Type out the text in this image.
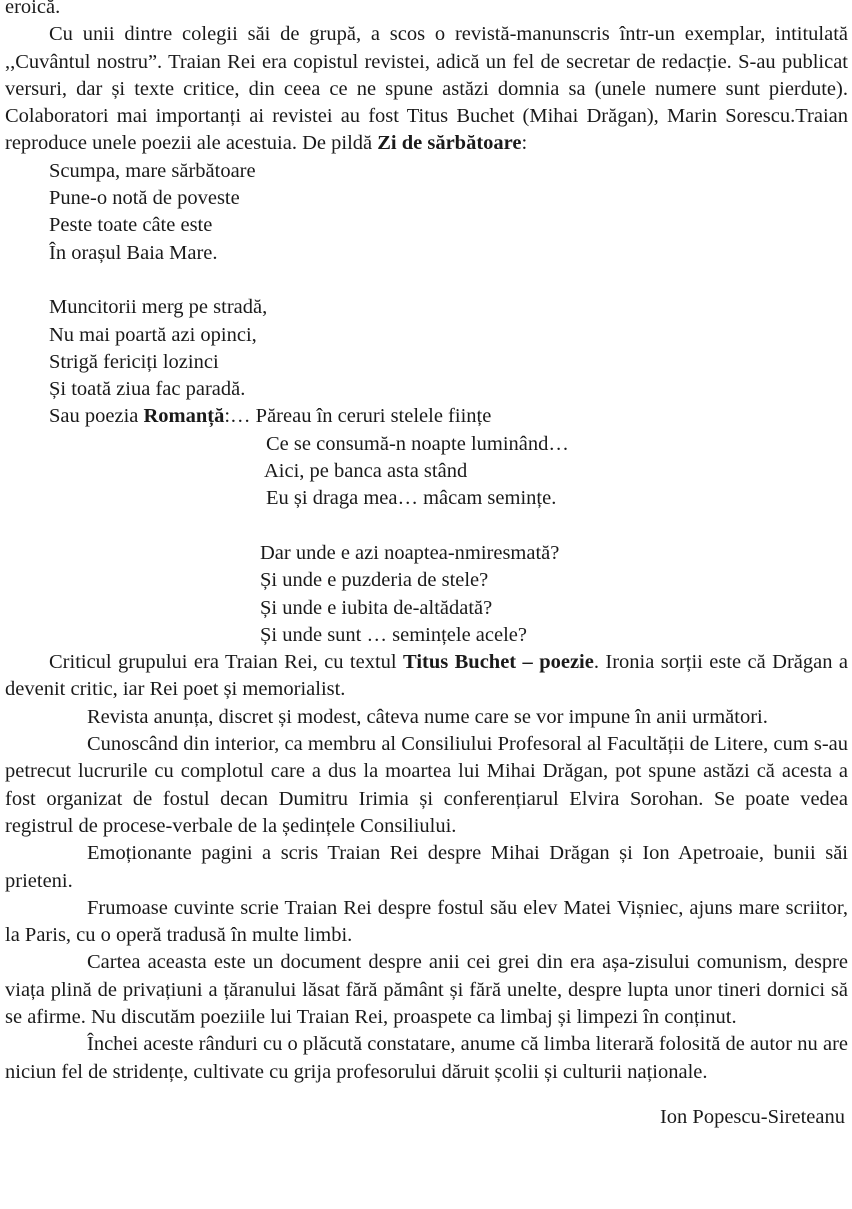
eroică.

Cu unii dintre colegii săi de grupă, a scos o revistă-manunscris într-un exemplar, intitulată ,,Cuvântul nostru”. Traian Rei era copistul revistei, adică un fel de secretar de redacție. S-au publicat versuri, dar și texte critice, din ceea ce ne spune astăzi domnia sa (unele numere sunt pierdute). Colaboratori mai importanți ai revistei au fost Titus Buchet (Mihai Drăgan), Marin Sorescu.Traian reproduce unele poezii ale acestuia. De pildă Zi de sărbătoare:

Scumpa, mare sărbătoare
Pune-o notă de poveste
Peste toate câte este
În orașul Baia Mare.
Muncitorii merg pe stradă,
Nu mai poartă azi opinci,
Strigă fericiți lozinci
Și toată ziua fac paradă.
Sau poezia Romanță:… Păreau în ceruri stelele ființe
Ce se consumă-n noapte luminând…
Aici, pe banca asta stând
Eu și draga mea… mâcam semințe.
Dar unde e azi noaptea-nmiresmată?
Și unde e puzderia de stele?
Și unde e iubita de-altădată?
Și unde sunt … semințele acele?

Criticul grupului era Traian Rei, cu textul Titus Buchet – poezie. Ironia sorții este că Drăgan a devenit critic, iar Rei poet și memorialist.

Revista anunța, discret și modest, câteva nume care se vor impune în anii următori.

Cunoscând din interior, ca membru al Consiliului Profesoral al Facultății de Litere, cum s-au petrecut lucrurile cu complotul care a dus la moartea lui Mihai Drăgan, pot spune astăzi că acesta a fost organizat de fostul decan Dumitru Irimia și conferențiarul Elvira Sorohan. Se poate vedea registrul de procese-verbale de la ședințele Consiliului.

Emoționante pagini a scris Traian Rei despre Mihai Drăgan și Ion Apetroaie, bunii săi prieteni.

Frumoase cuvinte scrie Traian Rei despre fostul său elev Matei Vișniec, ajuns mare scriitor, la Paris, cu o operă tradusă în multe limbi.

Cartea aceasta este un document despre anii cei grei din era așa-zisului comunism, despre viața plină de privațiuni a țăranului lăsat fără pământ și fără unelte, despre lupta unor tineri dornici să se afirme. Nu discutăm poeziile lui Traian Rei, proaspete ca limbaj și limpezi în conținut.

Închei aceste rânduri cu o plăcută constatare, anume că limba literară folosită de autor nu are niciun fel de stridențe, cultivate cu grija profesorului dăruit școlii și culturii naționale.

Ion Popescu-Sireteanu
